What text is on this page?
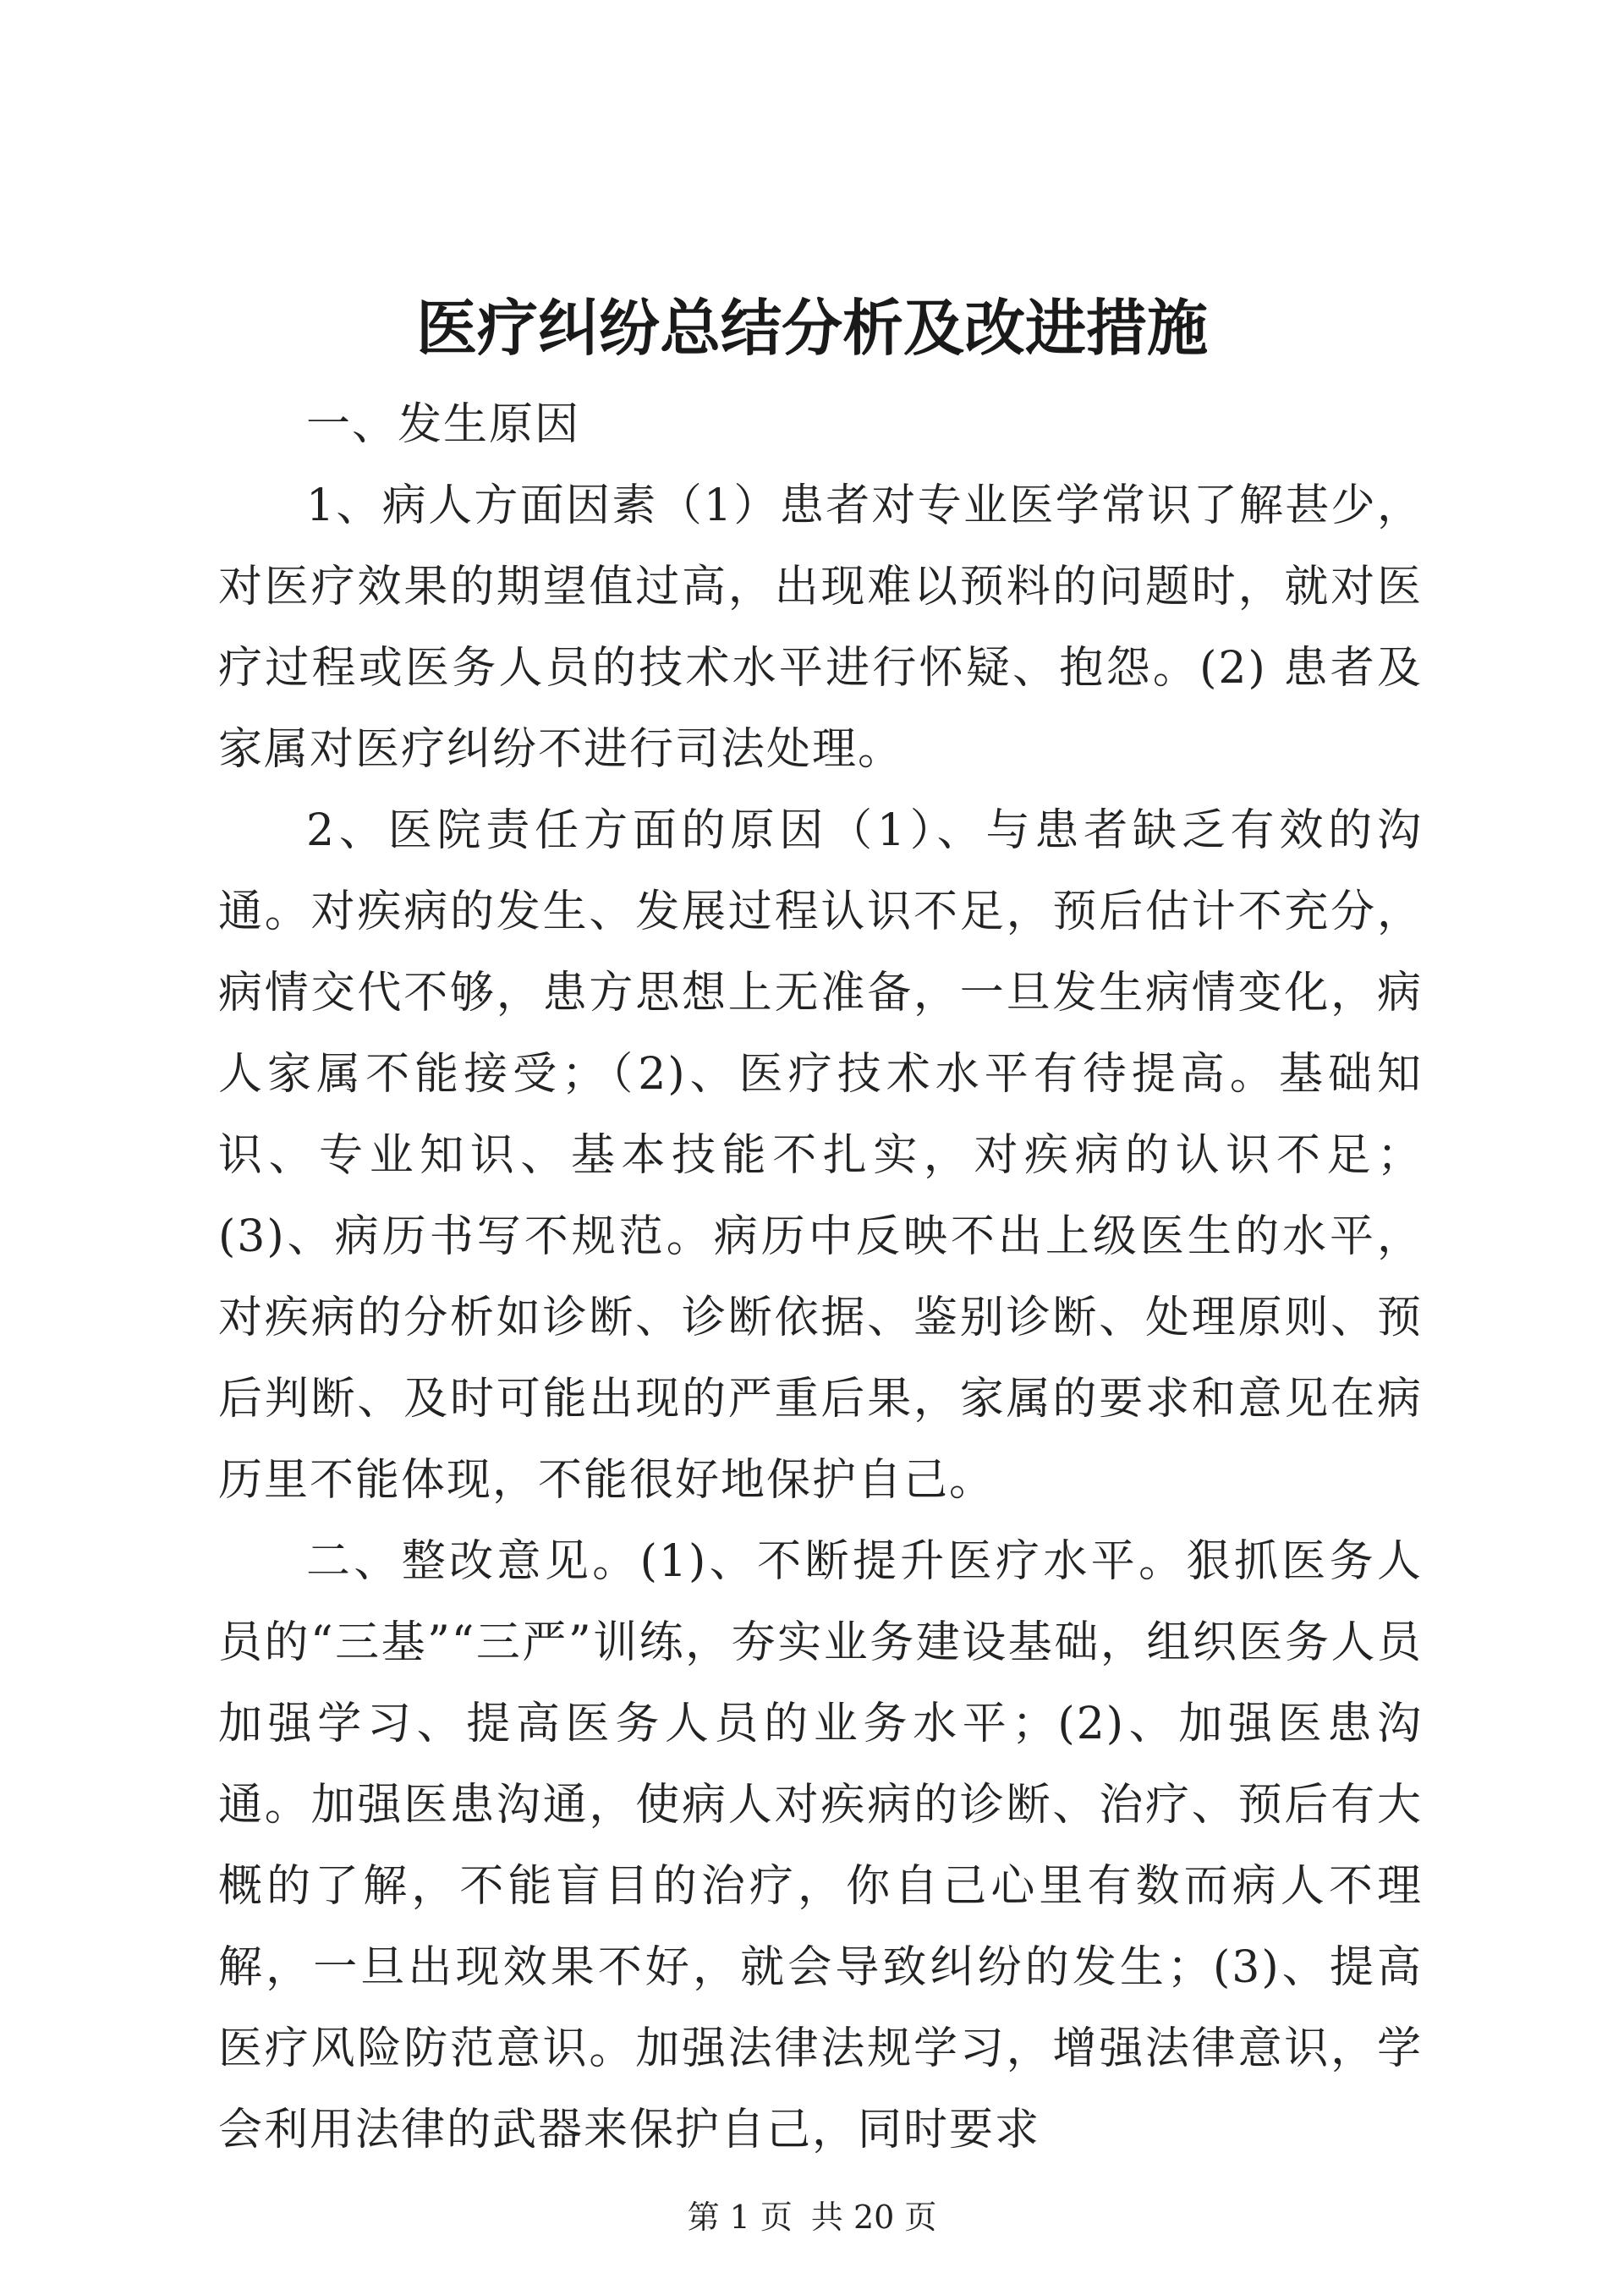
医疗纠纷总结分析及改进措施

一、发生原因

1、病人方面因素（1）患者对专业医学常识了解甚少，对医疗效果的期望值过高，出现难以预料的问题时，就对医疗过程或医务人员的技术水平进行怀疑、抱怨。(2) 患者及家属对医疗纠纷不进行司法处理。

2、医院责任方面的原因（1）、与患者缺乏有效的沟通。对疾病的发生、发展过程认识不足，预后估计不充分，病情交代不够，患方思想上无准备，一旦发生病情变化，病人家属不能接受；（2)、医疗技术水平有待提高。基础知识、专业知识、基本技能不扎实，对疾病的认识不足；(3)、病历书写不规范。病历中反映不出上级医生的水平，对疾病的分析如诊断、诊断依据、鉴别诊断、处理原则、预后判断、及时可能出现的严重后果，家属的要求和意见在病历里不能体现，不能很好地保护自己。

二、整改意见。(1)、不断提升医疗水平。狠抓医务人员的“三基”“三严”训练，夯实业务建设基础，组织医务人员加强学习、提高医务人员的业务水平；(2)、加强医患沟通。加强医患沟通，使病人对疾病的诊断、治疗、预后有大概的了解，不能盲目的治疗，你自己心里有数而病人不理解，一旦出现效果不好，就会导致纠纷的发生；(3)、提高医疗风险防范意识。加强法律法规学习，增强法律意识，学会利用法律的武器来保护自己，同时要求

第 1 页 共 20 页
